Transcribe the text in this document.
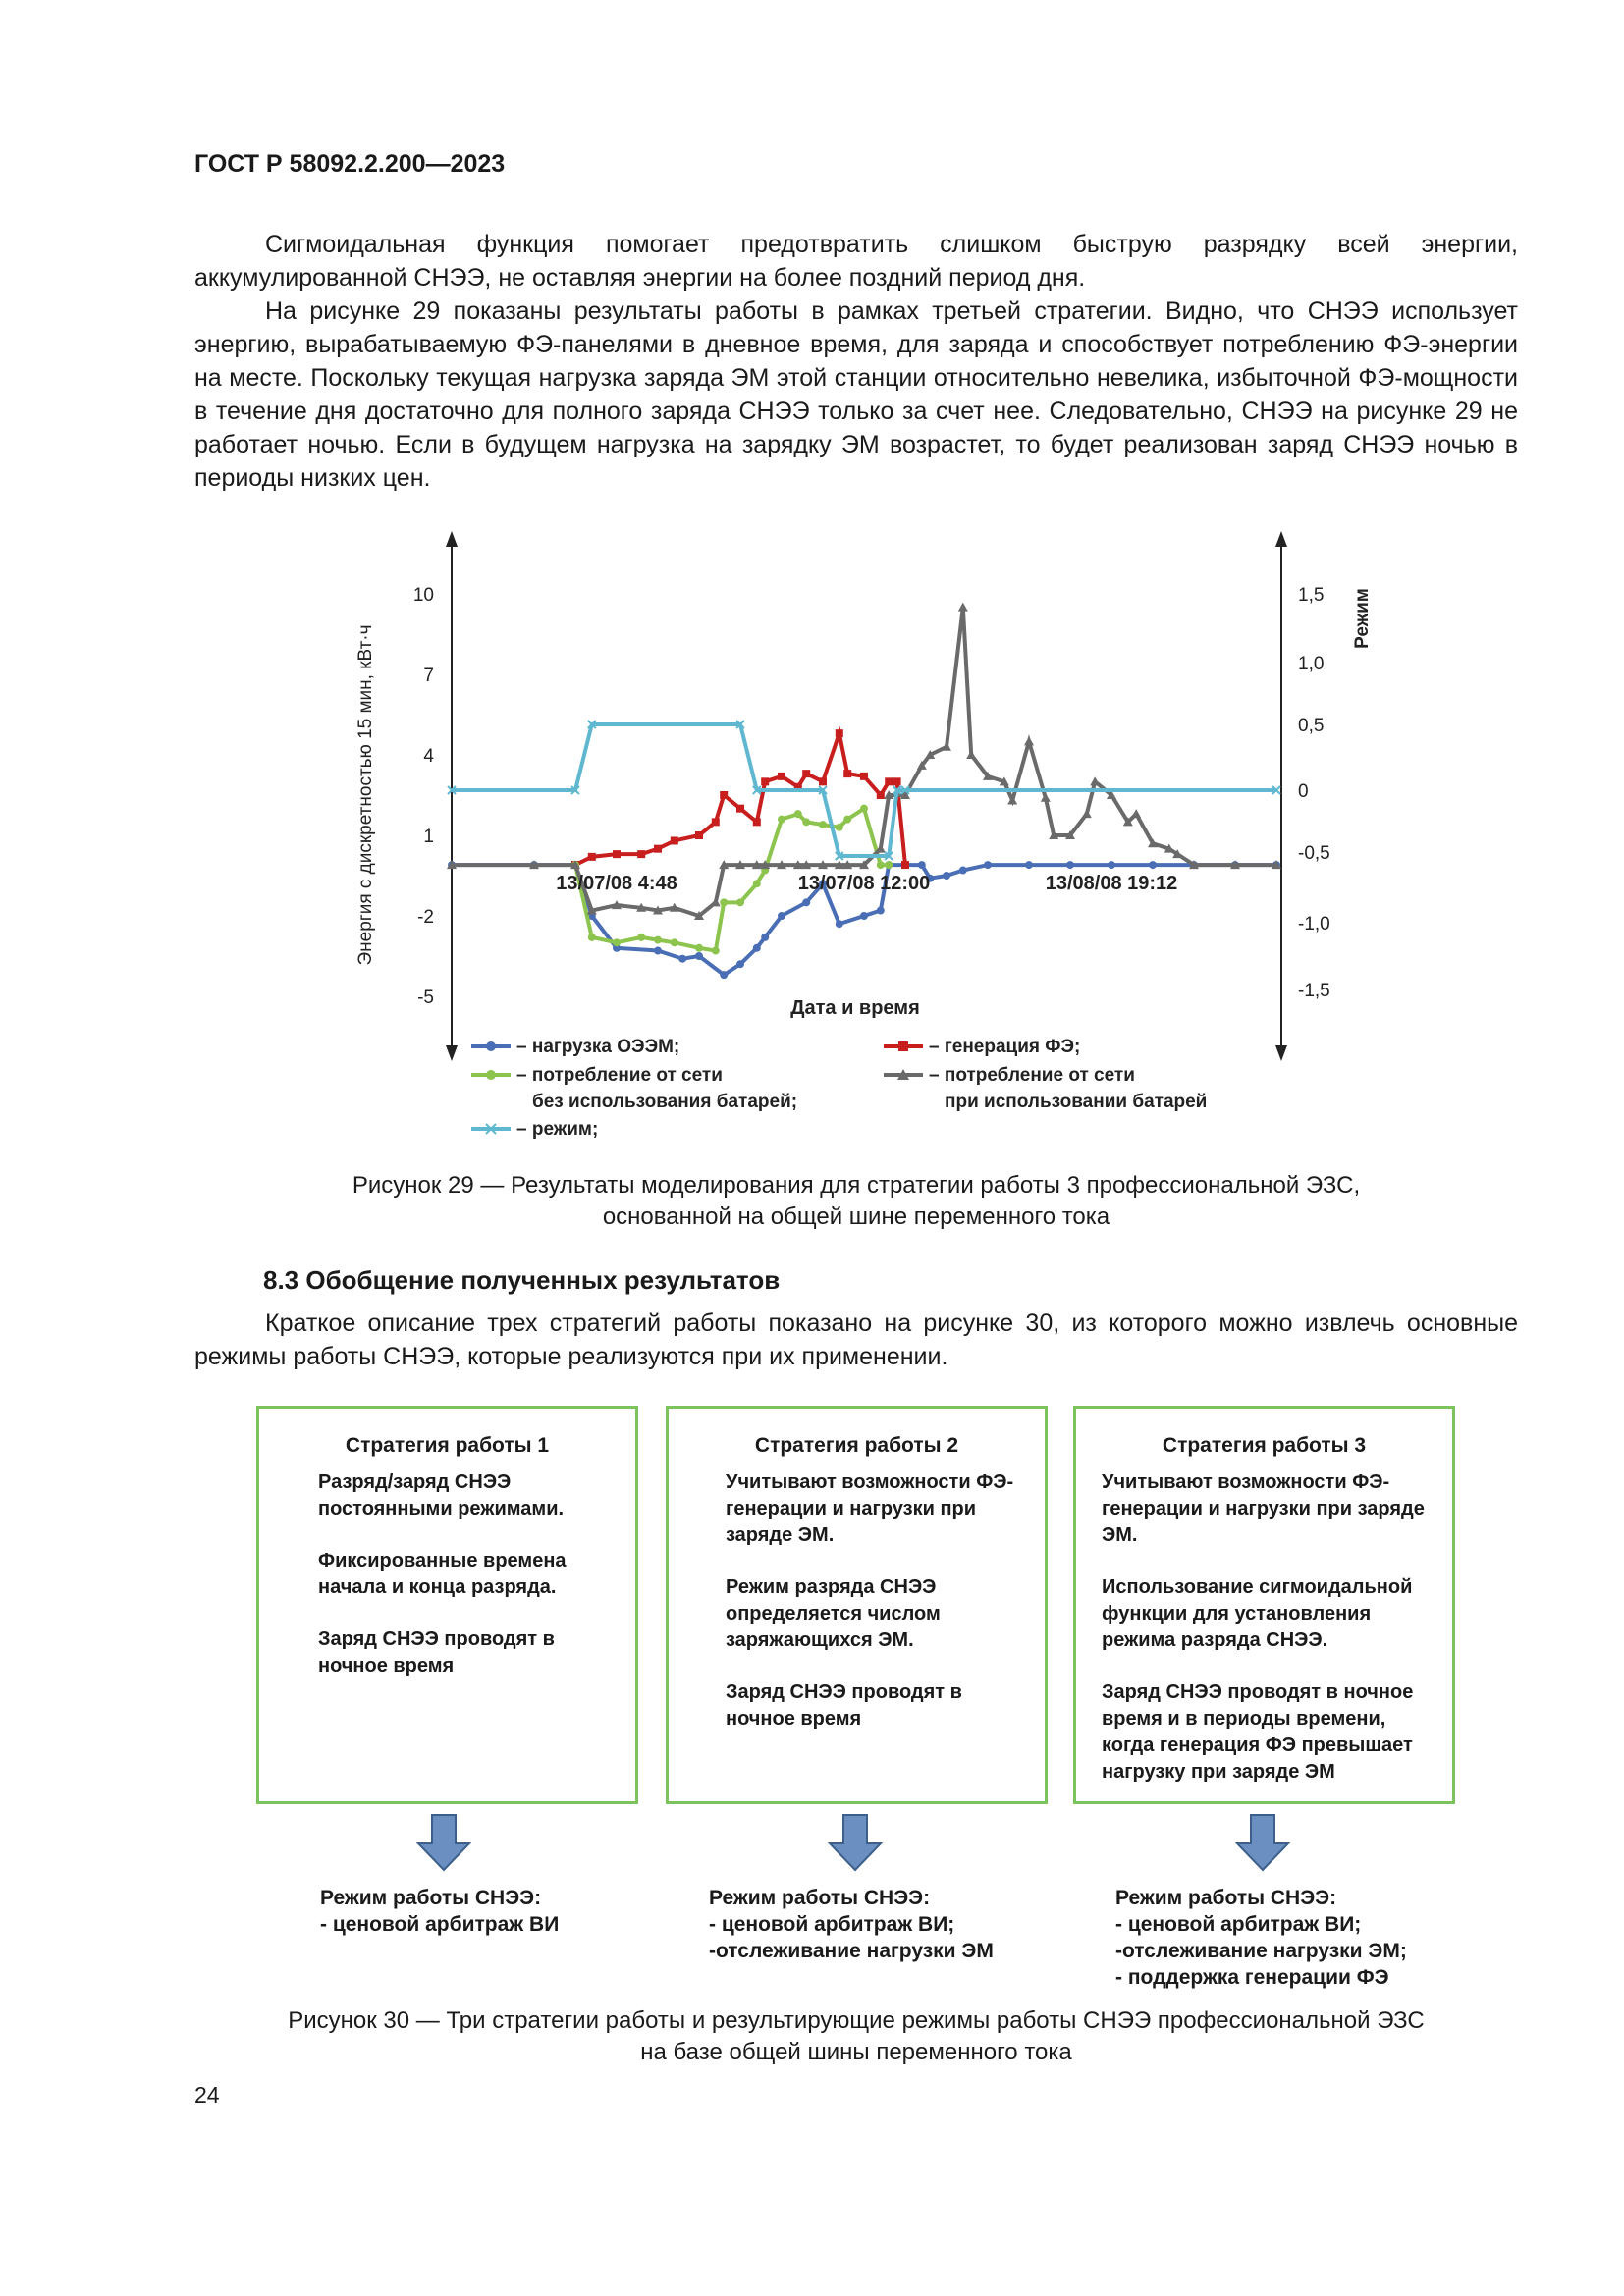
ГОСТ Р 58092.2.200—2023

Сигмоидальная функция помогает предотвратить слишком быструю разрядку всей энергии, аккумулированной СНЭЭ, не оставляя энергии на более поздний период дня.

На рисунке 29 показаны результаты работы в рамках третьей стратегии. Видно, что СНЭЭ использует энергию, вырабатываемую ФЭ-панелями в дневное время, для заряда и способствует потреблению ФЭ-энергии на месте. Поскольку текущая нагрузка заряда ЭМ этой станции относительно невелика, избыточной ФЭ-мощности в течение дня достаточно для полного заряда СНЭЭ только за счет нее. Следовательно, СНЭЭ на рисунке 29 не работает ночью. Если в будущем нагрузка на зарядку ЭМ возрастет, то будет реализован заряд СНЭЭ ночью в периоды низких цен.

10
7
4
1
-2
-5
1,5
1,0
0,5
0
-0,5
-1,0
-1,5
Энергия с дискретностью 15 мин, кВт·ч
Режим
Дата и время
13/07/08 4:48	13/07/08 12:00	13/08/08 19:12
– нагрузка ОЭЭМ;	– генерация ФЭ;
– потребление от сети
без использования батарей;
– потребление от сети
при использовании батарей
– режим;
Рисунок 29 — Результаты моделирования для стратегии работы 3 профессиональной ЭЗС,
основанной на общей шине переменного тока
8.3 Обобщение полученных результатов

Краткое описание трех стратегий работы показано на рисунке 30, из которого можно извлечь основные режимы работы СНЭЭ, которые реализуются при их применении.

Стратегия работы 1

Разряд/заряд СНЭЭ постоянными режимами.

Фиксированные времена начала и конца разряда.

Заряд СНЭЭ проводят в ночное время

Стратегия работы 2

Учитывают возможности ФЭ-генерации и нагрузки при заряде ЭМ.

Режим разряда СНЭЭ определяется числом заряжающихся ЭМ.

Заряд СНЭЭ проводят в ночное время

Стратегия работы 3

Учитывают возможности ФЭ-генерации и нагрузки при заряде ЭМ.

Использование сигмоидальной функции для установления режима разряда СНЭЭ.

Заряд СНЭЭ проводят в ночное время и в периоды времени, когда генерация ФЭ превышает нагрузку при заряде ЭМ

Режим работы СНЭЭ:
- ценовой арбитраж ВИ
Режим работы СНЭЭ:
- ценовой арбитраж ВИ;
-отслеживание нагрузки ЭМ
Режим работы СНЭЭ:
- ценовой арбитраж ВИ;
-отслеживание нагрузки ЭМ;
- поддержка генерации ФЭ
Рисунок 30 — Три стратегии работы и результирующие режимы работы СНЭЭ профессиональной ЭЗС
на базе общей шины переменного тока
24
